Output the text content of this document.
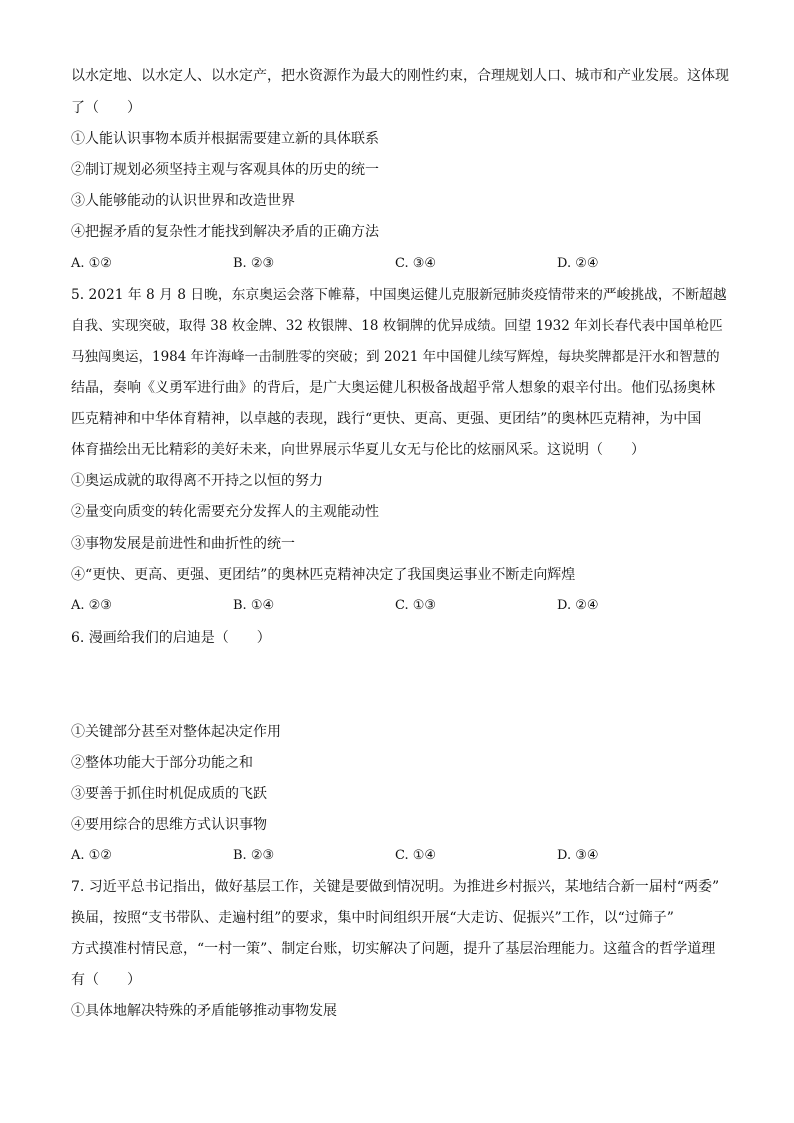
以水定地、以水定人、以水定产，把水资源作为最大的刚性约束，合理规划人口、城市和产业发展。这体现
了（　　）
①人能认识事物本质并根据需要建立新的具体联系
②制订规划必须坚持主观与客观具体的历史的统一
③人能够能动的认识世界和改造世界
④把握矛盾的复杂性才能找到解决矛盾的正确方法
A. ①②	B. ②③	C. ③④	D. ②④
5. 2021 年 8 月 8 日晚，东京奥运会落下帷幕，中国奥运健儿克服新冠肺炎疫情带来的严峻挑战，不断超越
自我、实现突破，取得 38 枚金牌、32 枚银牌、18 枚铜牌的优异成绩。回望 1932 年刘长春代表中国单枪匹
马独闯奥运，1984 年许海峰一击制胜零的突破；到 2021 年中国健儿续写辉煌，每块奖牌都是汗水和智慧的
结晶，奏响《义勇军进行曲》的背后，是广大奥运健儿积极备战超乎常人想象的艰辛付出。他们弘扬奥林
匹克精神和中华体育精神，以卓越的表现，践行“更快、更高、更强、更团结”的奥林匹克精神，为中国
体育描绘出无比精彩的美好未来，向世界展示华夏儿女无与伦比的炫丽风采。这说明（　　）
①奥运成就的取得离不开持之以恒的努力
②量变向质变的转化需要充分发挥人的主观能动性
③事物发展是前进性和曲折性的统一
④“更快、更高、更强、更团结”的奥林匹克精神决定了我国奥运事业不断走向辉煌
A. ②③	B. ①④	C. ①③	D. ②④
6. 漫画给我们的启迪是（　　）
①关键部分甚至对整体起决定作用
②整体功能大于部分功能之和
③要善于抓住时机促成质的飞跃
④要用综合的思维方式认识事物
A. ①②	B. ②③	C. ①④	D. ③④
7. 习近平总书记指出，做好基层工作，关键是要做到情况明。为推进乡村振兴，某地结合新一届村“两委”
换届，按照“支书带队、走遍村组”的要求，集中时间组织开展“大走访、促振兴”工作，以“过筛子”
方式摸准村情民意，“一村一策”、制定台账，切实解决了问题，提升了基层治理能力。这蕴含的哲学道理
有（　　）
①具体地解决特殊的矛盾能够推动事物发展
